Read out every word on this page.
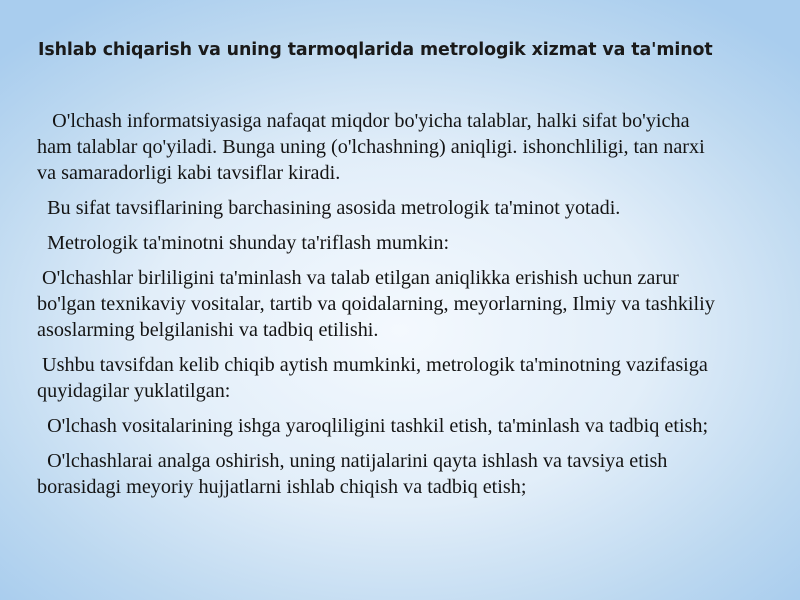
Ishlab chiqarish va uning tarmoqlarida metrologik xizmat va ta'minot

O'lchash informatsiyasiga nafaqat miqdor bo'yicha talablar, halki sifat bo'yicha
ham talablar qo'yiladi. Bunga uning (o'lchashning) aniqligi. ishonchliligi, tan narxi
va samaradorligi kabi tavsiflar kiradi.

Bu sifat tavsiflarining barchasining asosida metrologik ta'minot yotadi.

Metrologik ta'minotni shunday ta'riflash mumkin:

O'lchashlar birliligini ta'minlash va talab etilgan aniqlikka erishish uchun zarur
bo'lgan texnikaviy vositalar, tartib va qoidalarning, meyorlarning, Ilmiy va tashkiliy
asoslarming belgilanishi va tadbiq etilishi.

Ushbu tavsifdan kelib chiqib aytish mumkinki, metrologik ta'minotning vazifasiga
quyidagilar yuklatilgan:

O'lchash vositalarining ishga yaroqliligini tashkil etish, ta'minlash va tadbiq etish;

O'lchashlarai analga oshirish, uning natijalarini qayta ishlash va tavsiya etish
borasidagi meyoriy hujjatlarni ishlab chiqish va tadbiq etish;
